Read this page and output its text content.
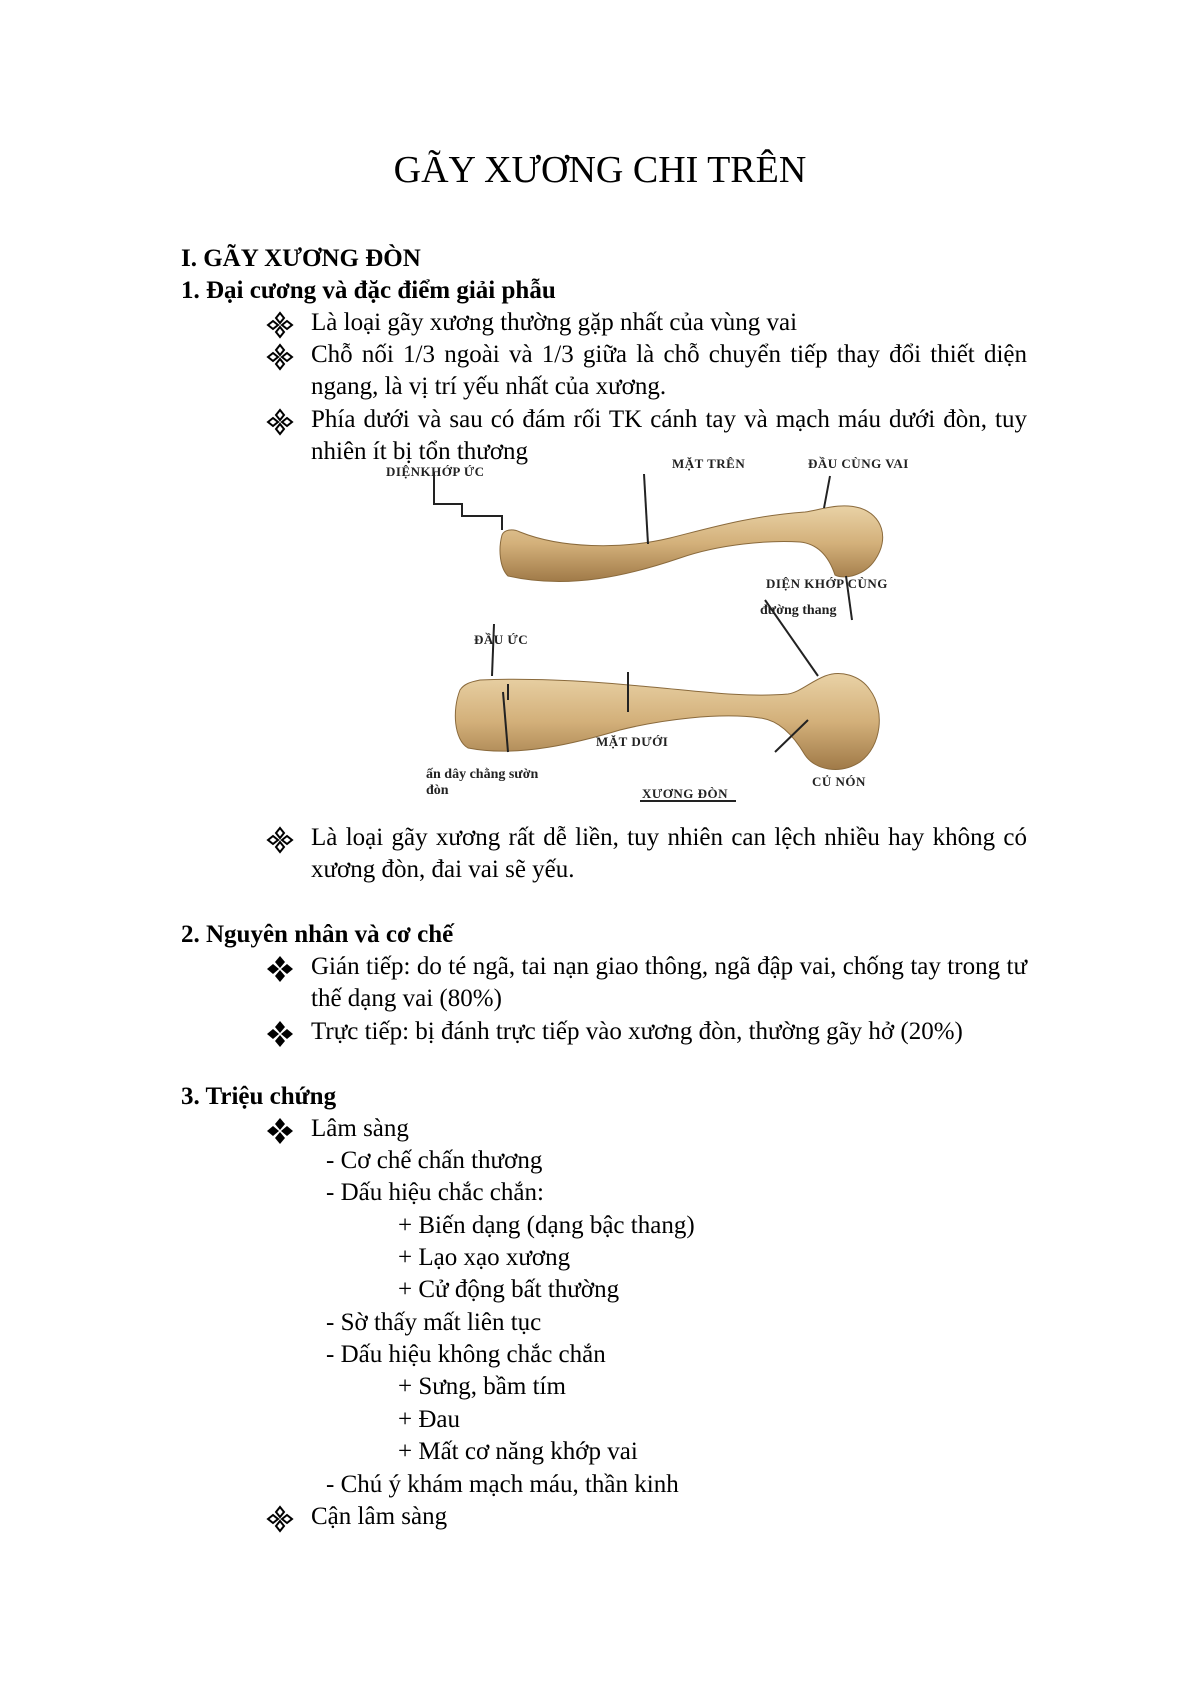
GÃY XƯƠNG CHI TRÊN
I. GÃY XƯƠNG ĐÒN
1. Đại cương và đặc điểm giải phẫu
Là loại gãy xương thường gặp nhất của vùng vai
Chỗ nối 1/3 ngoài và 1/3 giữa là chỗ chuyển tiếp thay đổi thiết diện ngang, là vị trí yếu nhất của xương.
Phía dưới và sau có đám rối TK cánh tay và mạch máu dưới đòn, tuy nhiên ít bị tổn thương
DIỆNKHỚP ỨC
MẶT TRÊN	ĐẦU CÙNG VAI
DIỆN KHỚP CÙNG
đường thang
ĐẦU ỨC
MẶT DƯỚI
ấn dây chằng sườn
đòn
CỦ NÓN
XƯƠNG ĐÒN
Là loại gãy xương rất dễ liền, tuy nhiên can lệch nhiều hay không có xương đòn, đai vai sẽ yếu.
2. Nguyên nhân và cơ chế
Gián tiếp: do té ngã, tai nạn giao thông, ngã đập vai, chống tay trong tư thế dạng vai (80%)
Trực tiếp: bị đánh trực tiếp vào xương đòn, thường gãy hở (20%)
3. Triệu chứng
Lâm sàng
- Cơ chế chấn thương
- Dấu hiệu chắc chắn:
+ Biến dạng (dạng bậc thang)
+ Lạo xạo xương
+ Cử động bất thường
- Sờ thấy mất liên tục
- Dấu hiệu không chắc chắn
+ Sưng, bầm tím
+ Đau
+ Mất cơ năng khớp vai
- Chú ý khám mạch máu, thần kinh
Cận lâm sàng
